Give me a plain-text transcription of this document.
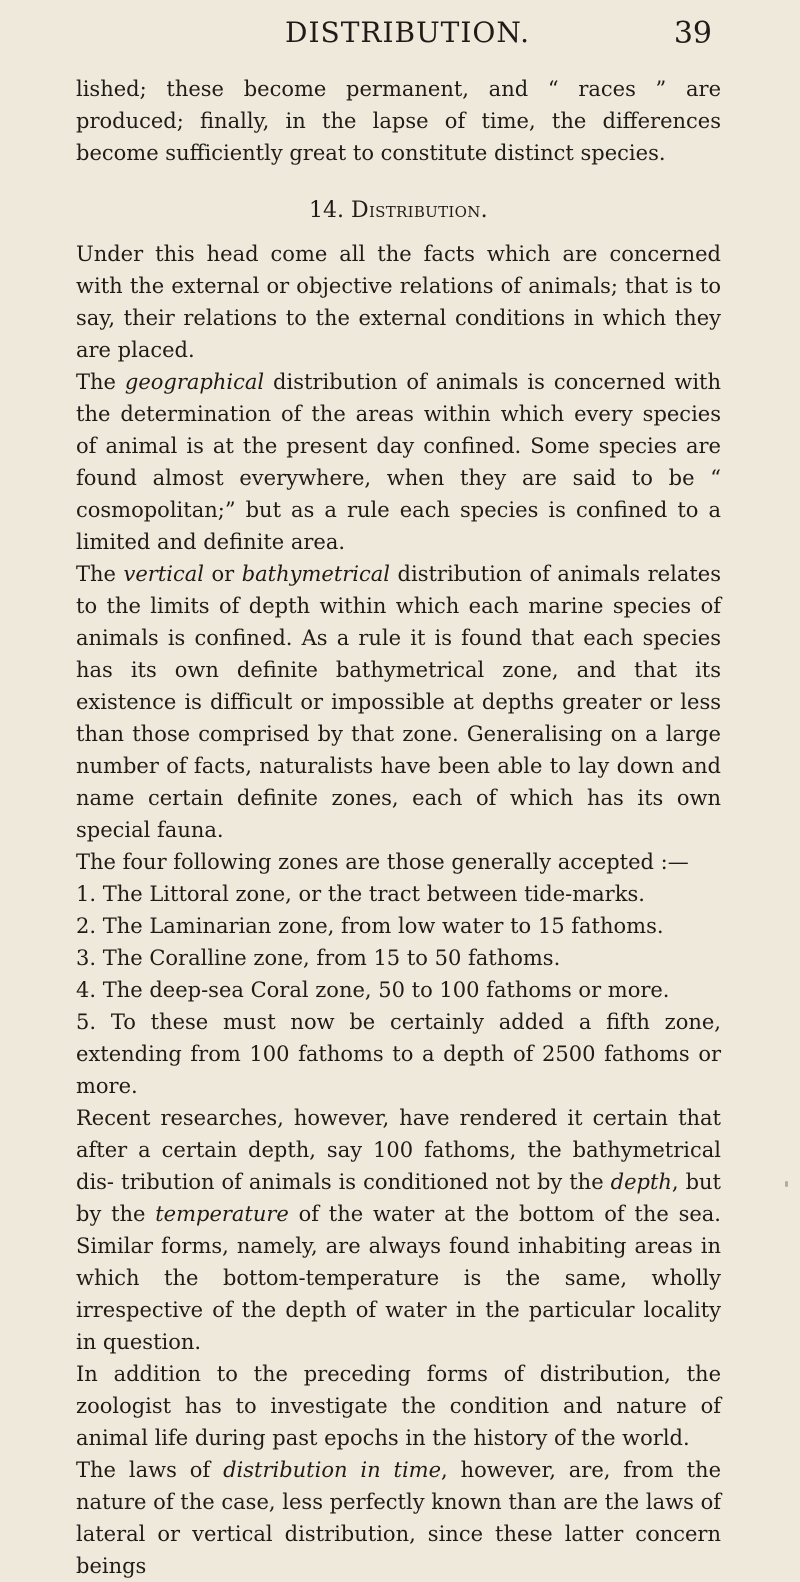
DISTRIBUTION.	39

lished; these become permanent, and “ races ” are produced; finally, in the lapse of time, the differences become sufficiently great to constitute distinct species.

14. Distribution.

Under this head come all the facts which are concerned with the external or objective relations of animals; that is to say, their relations to the external conditions in which they are placed.

The geographical distribution of animals is concerned with the determination of the areas within which every species of animal is at the present day confined. Some species are found almost everywhere, when they are said to be “ cosmopolitan;” but as a rule each species is confined to a limited and definite area.

The vertical or bathymetrical distribution of animals relates to the limits of depth within which each marine species of animals is confined. As a rule it is found that each species has its own definite bathymetrical zone, and that its existence is difficult or impossible at depths greater or less than those comprised by that zone. Generalising on a large number of facts, naturalists have been able to lay down and name certain definite zones, each of which has its own special fauna.

The four following zones are those generally accepted :—

1. The Littoral zone, or the tract between tide-marks.
2. The Laminarian zone, from low water to 15 fathoms.
3. The Coralline zone, from 15 to 50 fathoms.
4. The deep-sea Coral zone, 50 to 100 fathoms or more.
5. To these must now be certainly added a fifth zone, extending from 100 fathoms to a depth of 2500 fathoms or more.

Recent researches, however, have rendered it certain that after a certain depth, say 100 fathoms, the bathymetrical dis- tribution of animals is conditioned not by the depth, but by the temperature of the water at the bottom of the sea. Similar forms, namely, are always found inhabiting areas in which the bottom-temperature is the same, wholly irrespective of the depth of water in the particular locality in question.

In addition to the preceding forms of distribution, the zoologist has to investigate the condition and nature of animal life during past epochs in the history of the world.

The laws of distribution in time, however, are, from the nature of the case, less perfectly known than are the laws of lateral or vertical distribution, since these latter concern beings
